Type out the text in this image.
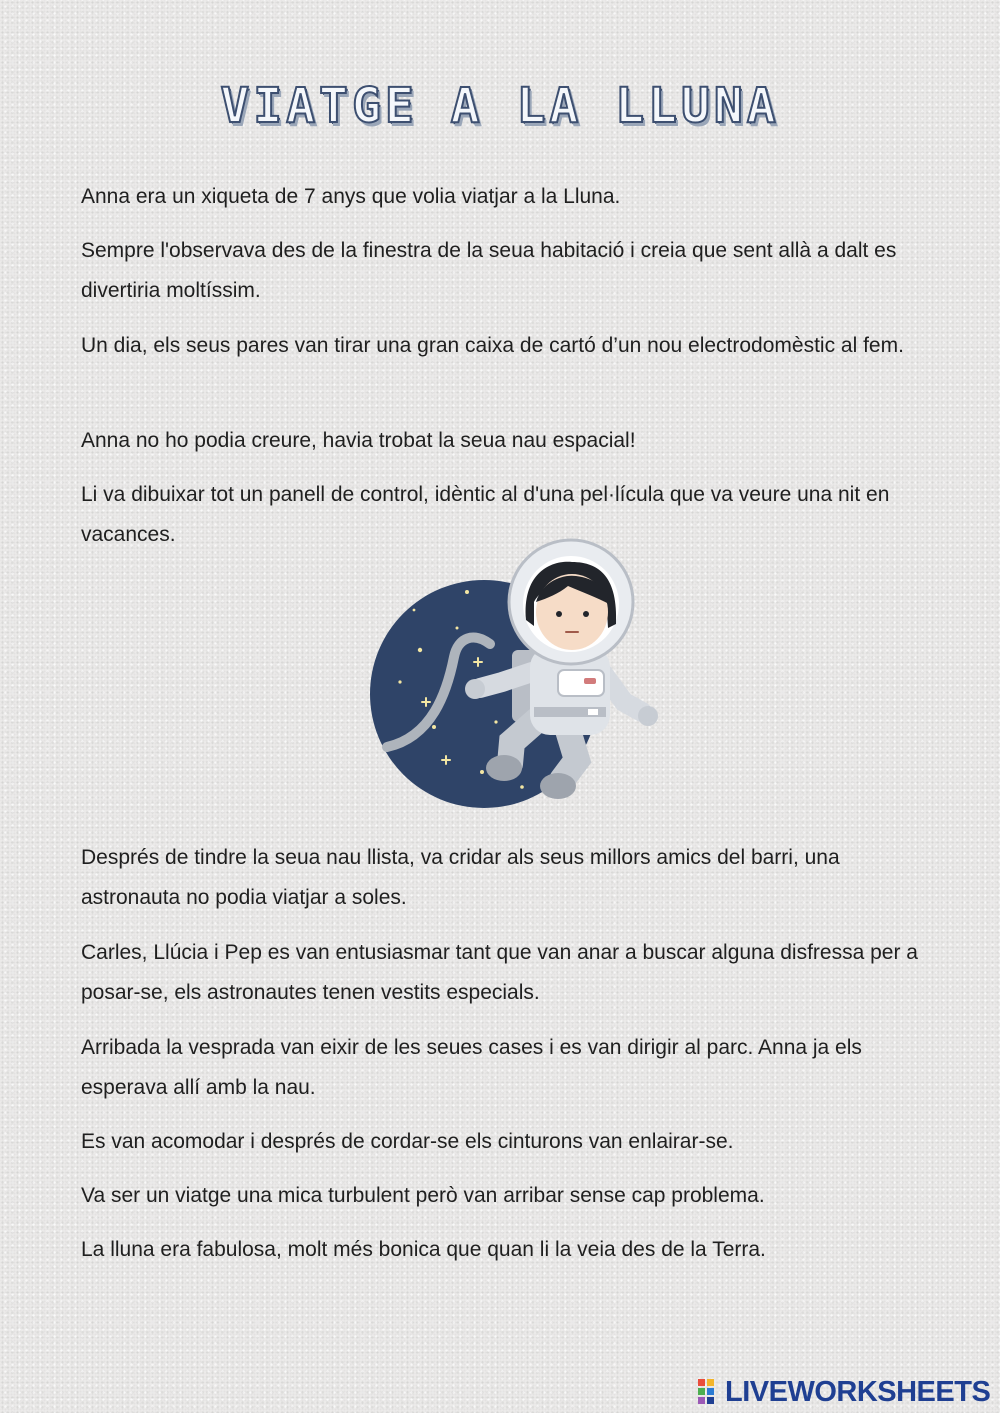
VIATGE A LA LLUNA

Anna era un xiqueta de 7 anys que volia viatjar a la Lluna.

Sempre l'observava des de la finestra de la seua habitació i creia que sent allà a dalt es divertiria moltíssim.

Un dia, els seus pares van tirar una gran caixa de cartó d’un nou electrodomèstic al fem.

Anna no ho podia creure, havia trobat la seua nau espacial!

Li va dibuixar tot un panell de control, idèntic al d'una pel·lícula que va veure una nit en vacances.

Després de tindre la seua nau llista, va cridar als seus millors amics del barri, una astronauta no podia viatjar a soles.

Carles, Llúcia i Pep es van entusiasmar tant que van anar a buscar alguna disfressa per a posar-se, els astronautes tenen vestits especials.

Arribada la vesprada van eixir de les seues cases i es van dirigir al parc. Anna ja els esperava allí amb la nau.

Es van acomodar i després de cordar-se els cinturons van enlairar-se.

Va ser un viatge una mica turbulent però van arribar sense cap problema.

La lluna era fabulosa, molt més bonica que quan li la veia des de la Terra.

LIVEWORKSHEETS
